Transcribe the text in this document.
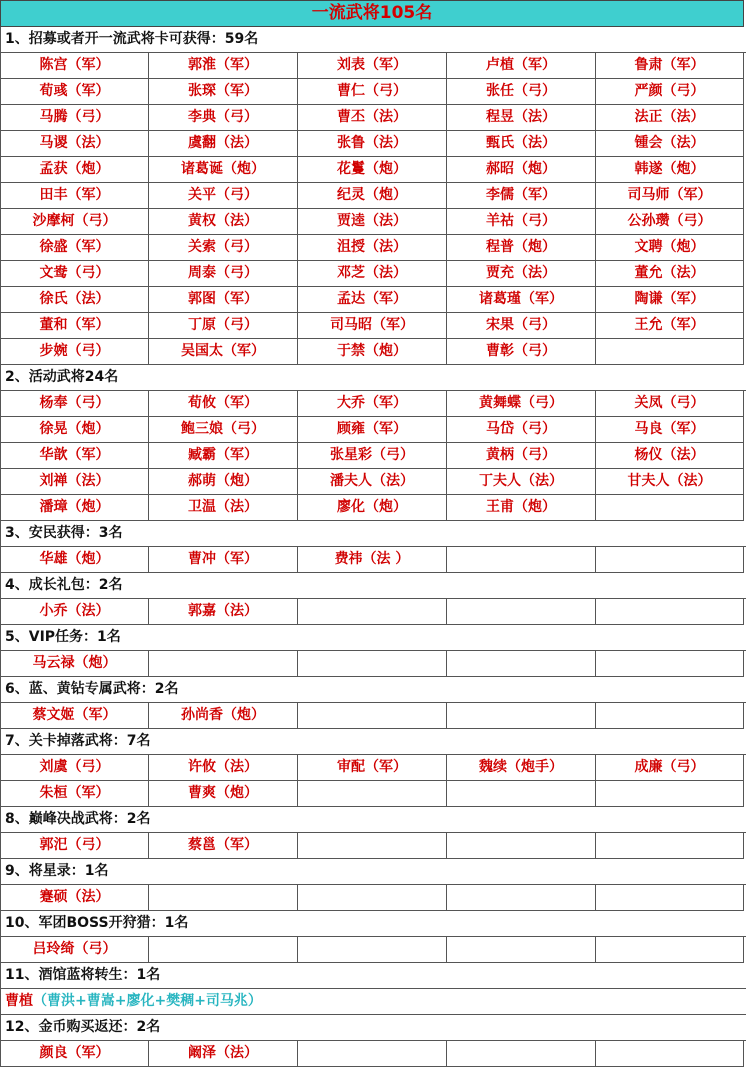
一流武将105名
1、招募或者开一流武将卡可获得：59名
陈宫（军）	郭淮（军）	刘表（军）	卢植（军）	鲁肃（军）
荀彧（军）	张琛（军）	曹仁（弓）	张任（弓）	严颜（弓）
马腾（弓）	李典（弓）	曹丕（法）	程昱（法）	法正（法）
马谡（法）	虞翻（法）	张鲁（法）	甄氏（法）	锺会（法）
孟获（炮）	诸葛诞（炮）	花鬘（炮）	郝昭（炮）	韩遂（炮）
田丰（军）	关平（弓）	纪灵（炮）	李儒（军）	司马师（军）
沙摩柯（弓）	黄权（法）	贾逵（法）	羊祜（弓）	公孙瓒（弓）
徐盛（军）	关索（弓）	沮授（法）	程普（炮）	文聘（炮）
文鸯（弓）	周泰（弓）	邓芝（法）	贾充（法）	董允（法）
徐氏（法）	郭图（军）	孟达（军）	诸葛瑾（军）	陶谦（军）
董和（军）	丁原（弓）	司马昭（军）	宋果（弓）	王允（军）
步婉（弓）	吴国太（军）	于禁（炮）	曹彰（弓）
2、活动武将24名
杨奉（弓）	荀攸（军）	大乔（军）	黄舞蝶（弓）	关凤（弓）
徐晃（炮）	鲍三娘（弓）	顾雍（军）	马岱（弓）	马良（军）
华歆（军）	臧霸（军）	张星彩（弓）	黄柄（弓）	杨仪（法）
刘禅（法）	郝萌（炮）	潘夫人（法）	丁夫人（法）	甘夫人（法）
潘璋（炮）	卫温（法）	廖化（炮）	王甫（炮）
3、安民获得：3名
华雄（炮）	曹冲（军）	费祎（法 ）
4、成长礼包：2名
小乔（法）	郭嘉（法）
5、VIP任务：1名
马云禄（炮）
6、蓝、黄钻专属武将：2名
蔡文姬（军）	孙尚香（炮）
7、关卡掉落武将：7名
刘虞（弓）	许攸（法）	审配（军）	魏续（炮手）	成廉（弓）
朱桓（军）	曹爽（炮）
8、巅峰决战武将：2名
郭汜（弓）	蔡邕（军）
9、将星录：1名
蹇硕（法）
10、军团BOSS开狩猎：1名
吕玲绮（弓）
11、酒馆蓝将转生：1名
曹植（曹洪+曹嵩+廖化+樊稠+司马兆）
12、金币购买返还：2名
颜良（军）	阚泽（法）
